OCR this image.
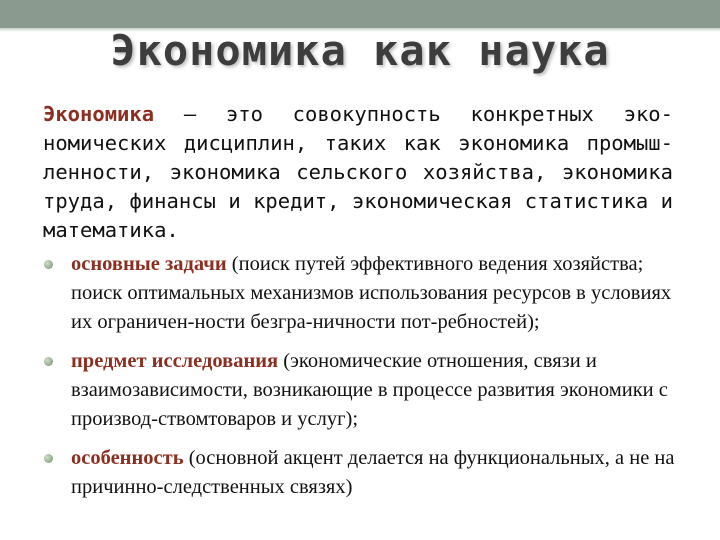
Экономика как наука

Экономика — это совокупность конкретных эко-номических дисциплин, таких как экономика промыш-ленности, экономика сельского хозяйства, экономика труда, финансы и кредит, экономическая статистика и математика.

основные задачи (поиск путей эффективного ведения хозяйства; поиск оптимальных механизмов использования ресурсов в условиях их ограничен-ности безгра-ничности пот-ребностей);
предмет исследования (экономические отношения, связи и взаимозависимости, возникающие в процессе развития экономики с производ-ствомтоваров и услуг);
особенность (основной акцент делается на функциональных, а не на причинно-следственных связях)
